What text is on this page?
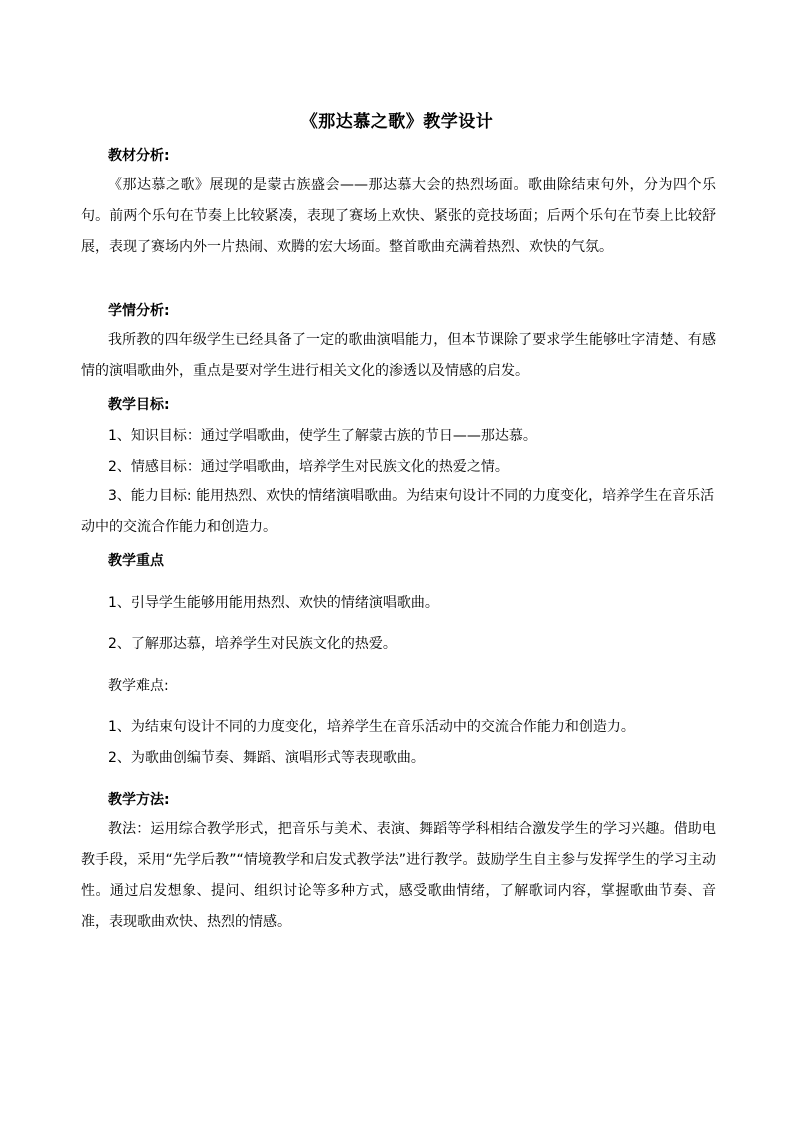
《那达慕之歌》教学设计
教材分析:
《那达慕之歌》展现的是蒙古族盛会——那达慕大会的热烈场面。歌曲除结束句外，分为四个乐句。前两个乐句在节奏上比较紧凑，表现了赛场上欢快、紧张的竞技场面；后两个乐句在节奏上比较舒展，表现了赛场内外一片热闹、欢腾的宏大场面。整首歌曲充满着热烈、欢快的气氛。
学情分析:
我所教的四年级学生已经具备了一定的歌曲演唱能力，但本节课除了要求学生能够吐字清楚、有感情的演唱歌曲外，重点是要对学生进行相关文化的渗透以及情感的启发。
教学目标:
1、知识目标：通过学唱歌曲，使学生了解蒙古族的节日——那达慕。
2、情感目标：通过学唱歌曲，培养学生对民族文化的热爱之情。
3、能力目标: 能用热烈、欢快的情绪演唱歌曲。为结束句设计不同的力度变化，培养学生在音乐活动中的交流合作能力和创造力。
教学重点
1、引导学生能够用能用热烈、欢快的情绪演唱歌曲。
2、了解那达慕，培养学生对民族文化的热爱。
教学难点:
1、为结束句设计不同的力度变化，培养学生在音乐活动中的交流合作能力和创造力。
2、为歌曲创编节奏、舞蹈、演唱形式等表现歌曲。
教学方法:
教法：运用综合教学形式，把音乐与美术、表演、舞蹈等学科相结合激发学生的学习兴趣。借助电教手段，采用“先学后教”“情境教学和启发式教学法”进行教学。鼓励学生自主参与发挥学生的学习主动性。通过启发想象、提问、组织讨论等多种方式，感受歌曲情绪，了解歌词内容，掌握歌曲节奏、音准，表现歌曲欢快、热烈的情感。
